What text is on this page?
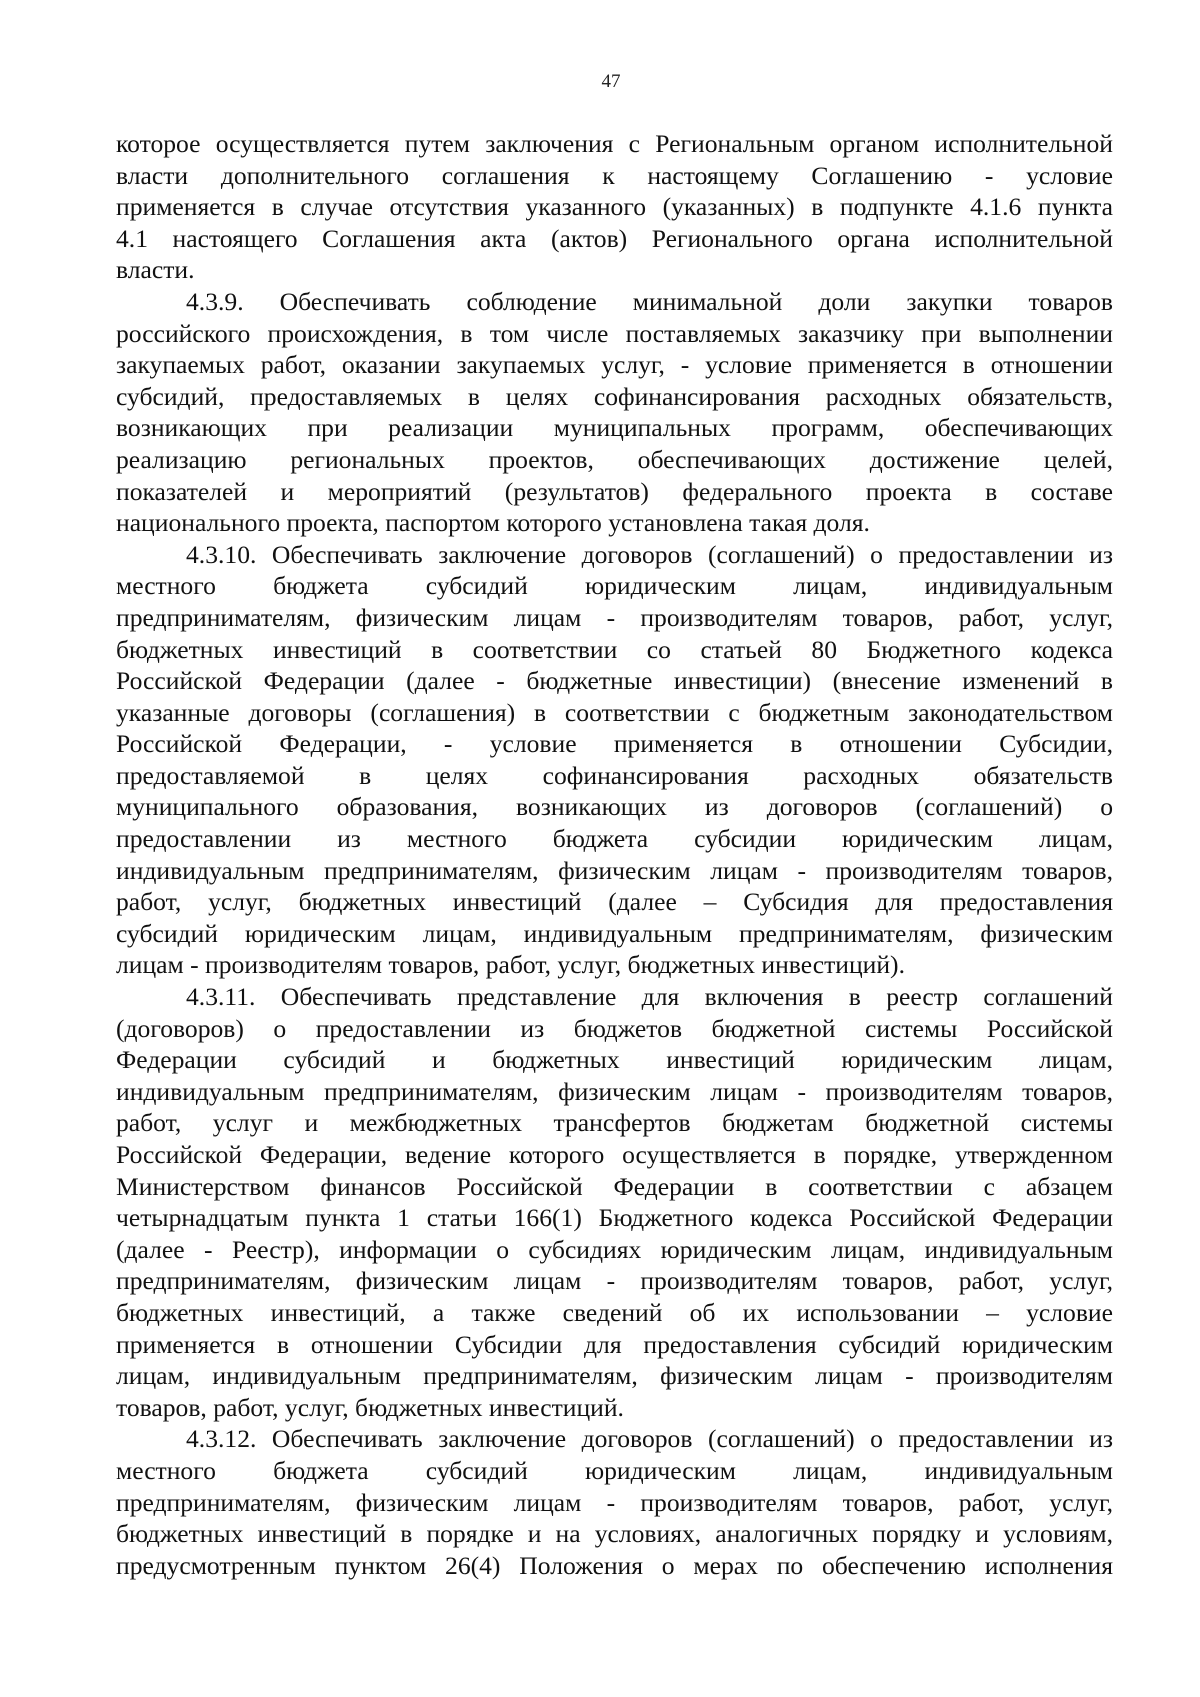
47
которое осуществляется путем заключения с Региональным органом исполнительной
власти дополнительного соглашения к настоящему Соглашению - условие
применяется в случае отсутствия указанного (указанных) в подпункте 4.1.6 пункта
4.1 настоящего Соглашения акта (актов) Регионального органа исполнительной
власти.
4.3.9. Обеспечивать соблюдение минимальной доли закупки товаров
российского происхождения, в том числе поставляемых заказчику при выполнении
закупаемых работ, оказании закупаемых услуг, - условие применяется в отношении
субсидий, предоставляемых в целях софинансирования расходных обязательств,
возникающих при реализации муниципальных программ, обеспечивающих
реализацию региональных проектов, обеспечивающих достижение целей,
показателей и мероприятий (результатов) федерального проекта в составе
национального проекта, паспортом которого установлена такая доля.
4.3.10. Обеспечивать заключение договоров (соглашений) о предоставлении из
местного бюджета субсидий юридическим лицам, индивидуальным
предпринимателям, физическим лицам - производителям товаров, работ, услуг,
бюджетных инвестиций в соответствии со статьей 80 Бюджетного кодекса
Российской Федерации (далее - бюджетные инвестиции) (внесение изменений в
указанные договоры (соглашения) в соответствии с бюджетным законодательством
Российской Федерации, - условие применяется в отношении Субсидии,
предоставляемой в целях софинансирования расходных обязательств
муниципального образования, возникающих из договоров (соглашений) о
предоставлении из местного бюджета субсидии юридическим лицам,
индивидуальным предпринимателям, физическим лицам - производителям товаров,
работ, услуг, бюджетных инвестиций (далее – Субсидия для предоставления
субсидий юридическим лицам, индивидуальным предпринимателям, физическим
лицам - производителям товаров, работ, услуг, бюджетных инвестиций).
4.3.11. Обеспечивать представление для включения в реестр соглашений
(договоров) о предоставлении из бюджетов бюджетной системы Российской
Федерации субсидий и бюджетных инвестиций юридическим лицам,
индивидуальным предпринимателям, физическим лицам - производителям товаров,
работ, услуг и межбюджетных трансфертов бюджетам бюджетной системы
Российской Федерации, ведение которого осуществляется в порядке, утвержденном
Министерством финансов Российской Федерации в соответствии с абзацем
четырнадцатым пункта 1 статьи 166(1) Бюджетного кодекса Российской Федерации
(далее - Реестр), информации о субсидиях юридическим лицам, индивидуальным
предпринимателям, физическим лицам - производителям товаров, работ, услуг,
бюджетных инвестиций, а также сведений об их использовании – условие
применяется в отношении Субсидии для предоставления субсидий юридическим
лицам, индивидуальным предпринимателям, физическим лицам - производителям
товаров, работ, услуг, бюджетных инвестиций.
4.3.12. Обеспечивать заключение договоров (соглашений) о предоставлении из
местного бюджета субсидий юридическим лицам, индивидуальным
предпринимателям, физическим лицам - производителям товаров, работ, услуг,
бюджетных инвестиций в порядке и на условиях, аналогичных порядку и условиям,
предусмотренным пунктом 26(4) Положения о мерах по обеспечению исполнения
